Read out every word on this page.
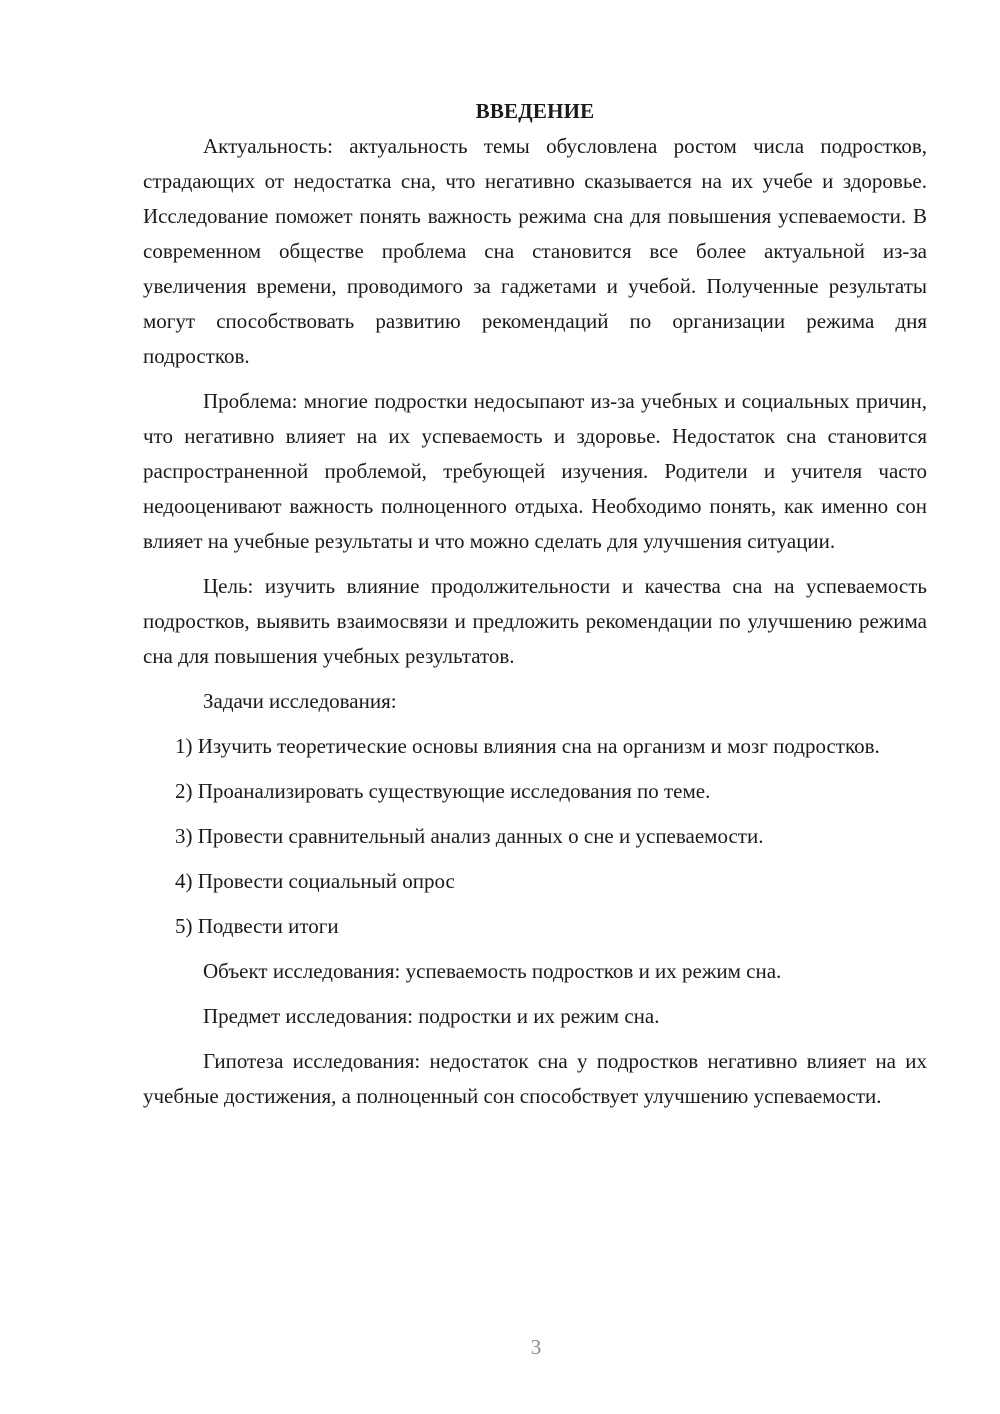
ВВЕДЕНИЕ

Актуальность: актуальность темы обусловлена ростом числа подростков, страдающих от недостатка сна, что негативно сказывается на их учебе и здоровье. Исследование поможет понять важность режима сна для повышения успеваемости. В современном обществе проблема сна становится все более актуальной из-за увеличения времени, проводимого за гаджетами и учебой. Полученные результаты могут способствовать развитию рекомендаций по организации режима дня подростков.

Проблема: многие подростки недосыпают из-за учебных и социальных причин, что негативно влияет на их успеваемость и здоровье. Недостаток сна становится распространенной проблемой, требующей изучения. Родители и учителя часто недооценивают важность полноценного отдыха. Необходимо понять, как именно сон влияет на учебные результаты и что можно сделать для улучшения ситуации.

Цель: изучить влияние продолжительности и качества сна на успеваемость подростков, выявить взаимосвязи и предложить рекомендации по улучшению режима сна для повышения учебных результатов.

Задачи исследования:

1) Изучить теоретические основы влияния сна на организм и мозг подростков.

2) Проанализировать существующие исследования по теме.

3) Провести сравнительный анализ данных о сне и успеваемости.

4) Провести социальный опрос

5) Подвести итоги

Объект исследования: успеваемость подростков и их режим сна.

Предмет исследования: подростки и их режим сна.

Гипотеза исследования: недостаток сна у подростков негативно влияет на их учебные достижения, а полноценный сон способствует улучшению успеваемости.

3
